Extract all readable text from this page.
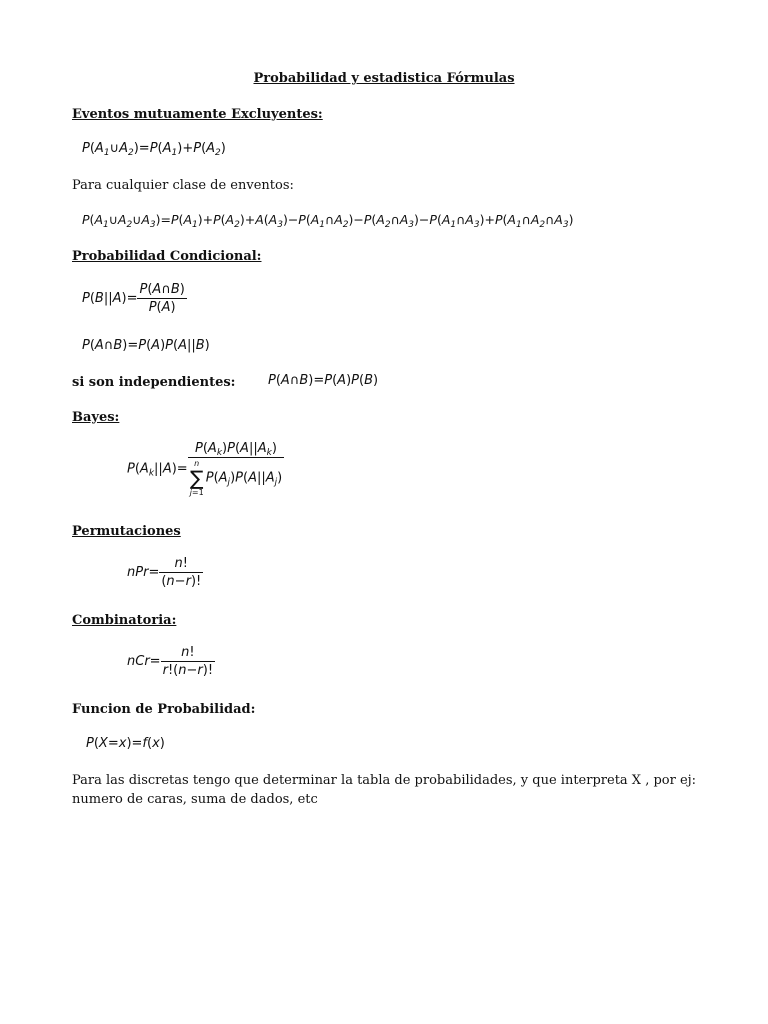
Probabilidad y estadistica Fórmulas
Eventos mutuamente Excluyentes:
$P(A_1\cup A_2)=P(A_1)+P(A_2)$
Para cualquier clase de enventos:
$P(A_1\cup A_2\cup A_3)=P(A_1)+P(A_2)+A(A_3)-P(A_1\cap A_2)-P(A_2\cap A_3)-P(A_1\cap A_3)+P(A_1\cap A_2\cap A_3)$
Probabilidad Condicional:
$P(B||A)= \frac{P(A\cap B)}{P(A)}$
P(A∩B)=P(A)P(A||B)
si son independientes:	P(A∩B)=P(A)P(B)
Bayes:
$P(A_k||A)= P(A_k)P(A||A_k)$
n
∑
j=1
$P(A_j)P(A||A_j)$
Permutaciones
$nPr= \frac{n!}{(n-r)!}$
Combinatoria:
$nCr= \frac{n!}{r!(n-r)!}$
Funcion de Probabilidad:
P(X=x)=f(x)
Para las discretas tengo que determinar la tabla de probabilidades, y que interpreta X , por ej: numero de caras, suma de dados, etc
